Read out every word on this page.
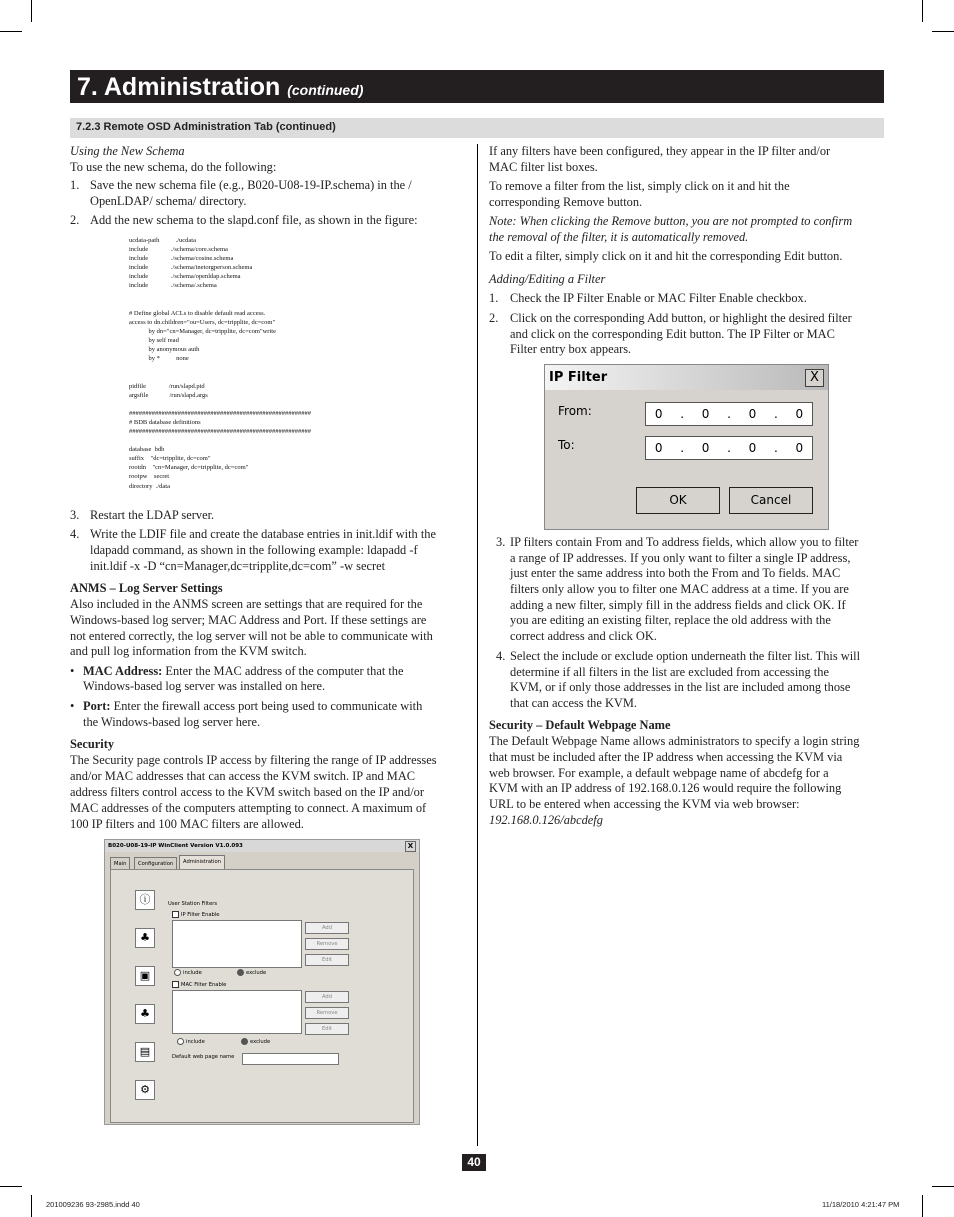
7. Administration (continued)
7.2.3 Remote OSD Administration Tab (continued)
Using the New Schema
To use the new schema, do the following:
1. Save the new schema file (e.g., B020-U08-19-IP.schema) in the /
OpenLDAP/ schema/ directory.
2. Add the new schema to the slapd.conf file, as shown in the figure:
ucdata-path          ./ucdata
include              ./schema/core.schema
include              ./schema/cosine.schema
include              ./schema/inetorgperson.schema
include              ./schema/openldap.schema
include              ./schema/.schema
# Define global ACLs to disable default read access.
access to dn.children="ou=Users, dc=tripplite, dc=com"
by dn="cn=Manager, dc=tripplite, dc=com"write
by self read
by anonymous auth
by *          none
pidfile              /run/slapd.pid
argsfile             /run/slapd.args
########################################################
# BDB database definitions
########################################################
database  bdb
suffix    "dc=tripplite, dc=com"
rootdn    "cn=Manager, dc=tripplite, dc=com"
rootpw    secret
directory  ./data
3. Restart the LDAP server.
4. Write the LDIF file and create the database entries in init.ldif with the
ldapadd command, as shown in the following example: ldapadd -f
init.ldif -x -D “cn=Manager,dc=tripplite,dc=com” -w secret
ANMS – Log Server Settings
Also included in the ANMS screen are settings that are required for the
Windows-based log server; MAC Address and Port. If these settings are
not entered correctly, the log server will not be able to communicate with
and pull log information from the KVM switch.
• MAC Address: Enter the MAC address of the computer that the
Windows-based log server was installed on here.
• Port: Enter the firewall access port being used to communicate with
the Windows-based log server here.
Security
The Security page controls IP access by filtering the range of IP addresses
and/or MAC addresses that can access the KVM switch. IP and MAC
address filters control access to the KVM switch based on the IP and/or
MAC addresses of the computers attempting to connect. A maximum of
100 IP filters and 100 MAC filters are allowed.
B020-U08-19-IP WinClient Version V1.0.093	X
Main	Configuration	Administration
ⓘ
♣
▣
♣
▤
⚙
User Station Filters
IP Filter Enable
Add
Remove
Edit
include	exclude
MAC Filter Enable
Add
Remove
Edit
include	exclude
Default web page name
If any filters have been configured, they appear in the IP filter and/or
MAC filter list boxes.
To remove a filter from the list, simply click on it and hit the
corresponding Remove button.
Note: When clicking the Remove button, you are not prompted to confirm
the removal of the filter, it is automatically removed.
To edit a filter, simply click on it and hit the corresponding Edit button.
Adding/Editing a Filter
1. Check the IP Filter Enable or MAC Filter Enable checkbox.
2. Click on the corresponding Add button, or highlight the desired filter
and click on the corresponding Edit button. The IP Filter or MAC
Filter entry box appears.
IP Filter	X
From:	0 . 0 . 0 . 0
To:	0 . 0 . 0 . 0
OK	Cancel
3. IP filters contain From and To address fields, which allow you to filter
a range of IP addresses. If you only want to filter a single IP address,
just enter the same address into both the From and To fields. MAC
filters only allow you to filter one MAC address at a time. If you are
adding a new filter, simply fill in the address fields and click OK. If
you are editing an existing filter, replace the old address with the
correct address and click OK.
4. Select the include or exclude option underneath the filter list. This will
determine if all filters in the list are excluded from accessing the
KVM, or if only those addresses in the list are included among those
that can access the KVM.
Security – Default Webpage Name
The Default Webpage Name allows administrators to specify a login string
that must be included after the IP address when accessing the KVM via
web browser. For example, a default webpage name of abcdefg for a
KVM with an IP address of 192.168.0.126 would require the following
URL to be entered when accessing the KVM via web browser:
192.168.0.126/abcdefg
40
201009236 93-2985.indd 40	11/18/2010 4:21:47 PM
